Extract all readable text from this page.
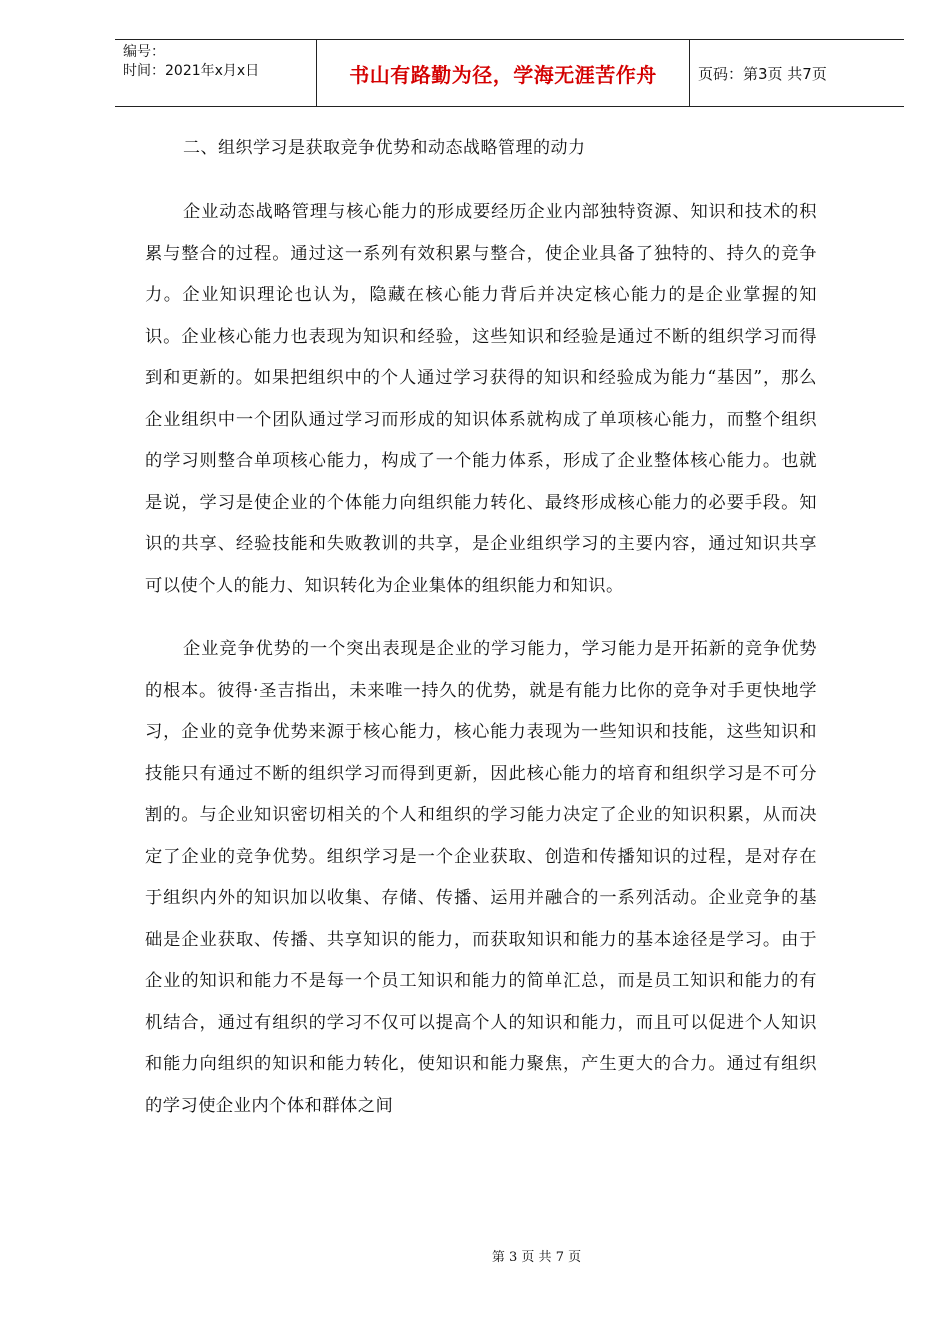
编号：
时间：2021年x月x日	书山有路勤为径，学海无涯苦作舟	页码：第3页 共7页
二、组织学习是获取竞争优势和动态战略管理的动力

企业动态战略管理与核心能力的形成要经历企业内部独特资源、知识和技术的积累与整合的过程。通过这一系列有效积累与整合，使企业具备了独特的、持久的竞争力。企业知识理论也认为，隐藏在核心能力背后并决定核心能力的是企业掌握的知识。企业核心能力也表现为知识和经验，这些知识和经验是通过不断的组织学习而得到和更新的。如果把组织中的个人通过学习获得的知识和经验成为能力“基因”，那么企业组织中一个团队通过学习而形成的知识体系就构成了单项核心能力，而整个组织的学习则整合单项核心能力，构成了一个能力体系，形成了企业整体核心能力。也就是说，学习是使企业的个体能力向组织能力转化、最终形成核心能力的必要手段。知识的共享、经验技能和失败教训的共享，是企业组织学习的主要内容，通过知识共享可以使个人的能力、知识转化为企业集体的组织能力和知识。

企业竞争优势的一个突出表现是企业的学习能力，学习能力是开拓新的竞争优势的根本。彼得·圣吉指出，未来唯一持久的优势，就是有能力比你的竞争对手更快地学习，企业的竞争优势来源于核心能力，核心能力表现为一些知识和技能，这些知识和技能只有通过不断的组织学习而得到更新，因此核心能力的培育和组织学习是不可分割的。与企业知识密切相关的个人和组织的学习能力决定了企业的知识积累，从而决定了企业的竞争优势。组织学习是一个企业获取、创造和传播知识的过程，是对存在于组织内外的知识加以收集、存储、传播、运用并融合的一系列活动。企业竞争的基础是企业获取、传播、共享知识的能力，而获取知识和能力的基本途径是学习。由于企业的知识和能力不是每一个员工知识和能力的简单汇总，而是员工知识和能力的有机结合，通过有组织的学习不仅可以提高个人的知识和能力，而且可以促进个人知识和能力向组织的知识和能力转化，使知识和能力聚焦，产生更大的合力。通过有组织的学习使企业内个体和群体之间

第 3 页 共 7 页
